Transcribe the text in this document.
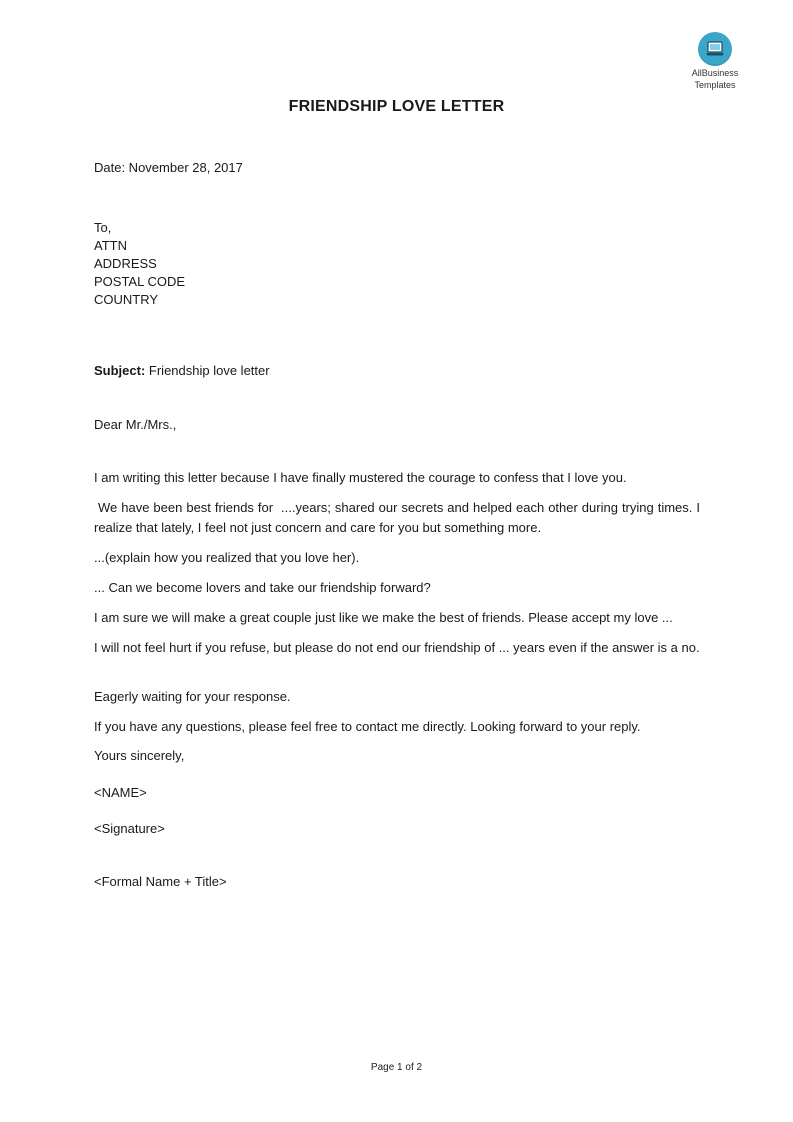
AllBusiness
Templates
FRIENDSHIP LOVE LETTER
Date: November 28, 2017
To,
ATTN
ADDRESS
POSTAL CODE
COUNTRY
Subject: Friendship love letter
Dear Mr./Mrs.,
I am writing this letter because I have finally mustered the courage to confess that I love you.
We have been best friends for  ....years; shared our secrets and helped each other during trying times. I realize that lately, I feel not just concern and care for you but something more.
...(explain how you realized that you love her).
... Can we become lovers and take our friendship forward?
I am sure we will make a great couple just like we make the best of friends. Please accept my love ...
I will not feel hurt if you refuse, but please do not end our friendship of ... years even if the answer is a no.
Eagerly waiting for your response.
If you have any questions, please feel free to contact me directly. Looking forward to your reply.
Yours sincerely,
<NAME>
<Signature>
<Formal Name + Title>
Page 1 of 2
